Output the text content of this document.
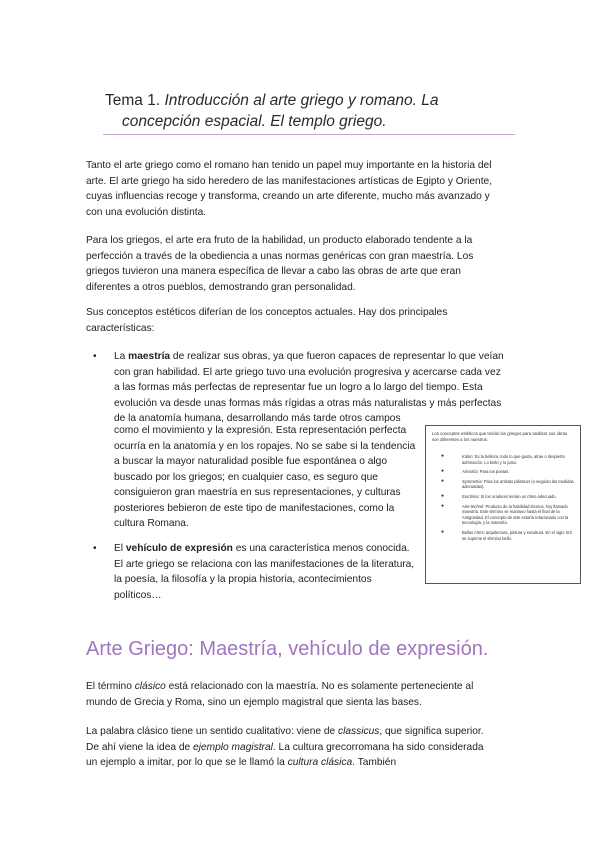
Tema 1. Introducción al arte griego y romano. La
concepción espacial. El templo griego.
Tanto el arte griego como el romano han tenido un papel muy importante en la historia del arte. El arte griego ha sido heredero de las manifestaciones artísticas de Egipto y Oriente, cuyas influencias recoge y transforma, creando un arte diferente, mucho más avanzado y con una evolución distinta.
Para los griegos, el arte era fruto de la habilidad, un producto elaborado tendente a la perfección a través de la obediencia a unas normas genéricas con gran maestría. Los griegos tuvieron una manera específica de llevar a cabo las obras de arte que eran diferentes a otros pueblos, demostrando gran personalidad.
Sus conceptos estéticos diferían de los conceptos actuales. Hay dos principales características:
•	La maestría de realizar sus obras, ya que fueron capaces de representar lo que veían con gran habilidad. El arte griego tuvo una evolución progresiva y acercarse cada vez a las formas más perfectas de representar fue un logro a lo largo del tiempo. Esta evolución va desde unas formas más rígidas a otras más naturalistas y más perfectas de la anatomía humana, desarrollando más tarde otros campos
como el movimiento y la expresión. Esta representación perfecta ocurría en la anatomía y en los ropajes. No se sabe si la tendencia a buscar la mayor naturalidad posible fue espontánea o algo buscado por los griegos; en cualquier caso, es seguro que consiguieron gran maestría en sus representaciones, y culturas posteriores bebieron de este tipo de manifestaciones, como la cultura Romana.
•	El vehículo de expresión es una característica menos conocida. El arte griego se relaciona con las manifestaciones de la literatura, la poesía, la filosofía y la propia historia, acontecimientos políticos…
Los conceptos estéticos que tenían los griegos para analizar sus obras son diferentes a los nuestros.
●	Kalon: Es la belleza, todo lo que gusta, atrae o despierta admiración. Lo bello y lo justo.
●	Armonía: Para los poetas.
●	Symmetria: Para los artistas plásticos (o seguían las medidas adecuadas).
●	Eurritmia: Si los oradores tenían un ritmo adecuado.
●	Arte-techné: Producto de la habilidad técnica, hoy llamado maestría. Este término se mantuvo hasta el final de la Antigüedad. El concepto de arte estaría relacionado con la tecnología, y la maestría.
●	Bellas Artes: arquitectura, pintura y escultura. En el siglo XIX se suprime el término bello.
Arte Griego: Maestría, vehículo de expresión.
El término clásico está relacionado con la maestría. No es solamente perteneciente al mundo de Grecia y Roma, sino un ejemplo magistral que sienta las bases.
La palabra clásico tiene un sentido cualitativo: viene de classicus, que significa superior. De ahí viene la idea de ejemplo magistral. La cultura grecorromana ha sido considerada un ejemplo a imitar, por lo que se le llamó la cultura clásica. También
